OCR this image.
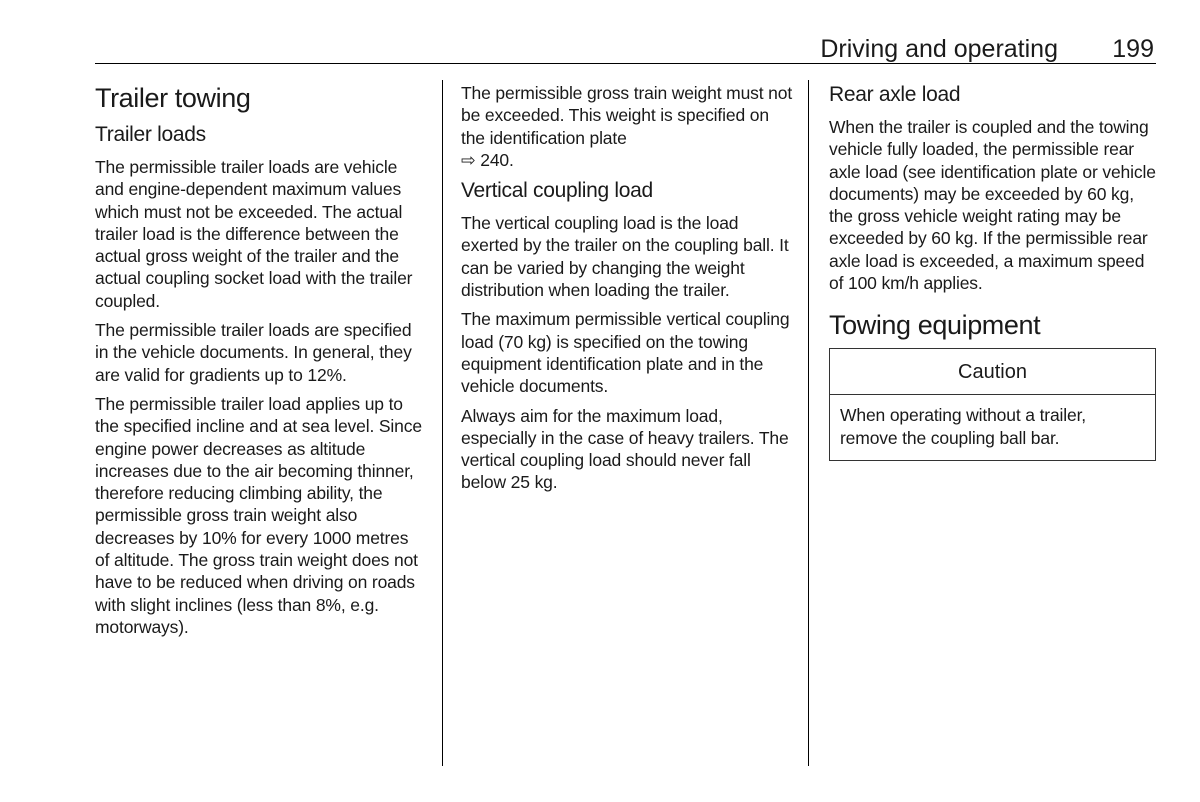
Driving and operating 199
Trailer towing
Trailer loads

The permissible trailer loads are vehicle and engine-dependent maximum values which must not be exceeded. The actual trailer load is the difference between the actual gross weight of the trailer and the actual coupling socket load with the trailer coupled.

The permissible trailer loads are specified in the vehicle documents. In general, they are valid for gradients up to 12%.

The permissible trailer load applies up to the specified incline and at sea level. Since engine power decreases as altitude increases due to the air becoming thinner, therefore reducing climbing ability, the permissible gross train weight also decreases by 10% for every 1000 metres of altitude. The gross train weight does not have to be reduced when driving on roads with slight inclines (less than 8%, e.g. motorways).

The permissible gross train weight must not be exceeded. This weight is specified on the identification plate
⇨ 240.

Vertical coupling load

The vertical coupling load is the load exerted by the trailer on the coupling ball. It can be varied by changing the weight distribution when loading the trailer.

The maximum permissible vertical coupling load (70 kg) is specified on the towing equipment identification plate and in the vehicle documents.

Always aim for the maximum load, especially in the case of heavy trailers. The vertical coupling load should never fall below 25 kg.

Rear axle load

When the trailer is coupled and the towing vehicle fully loaded, the permissible rear axle load (see identification plate or vehicle documents) may be exceeded by 60 kg, the gross vehicle weight rating may be exceeded by 60 kg. If the permissible rear axle load is exceeded, a maximum speed of 100 km/h applies.

Towing equipment
Caution
When operating without a trailer, remove the coupling ball bar.
